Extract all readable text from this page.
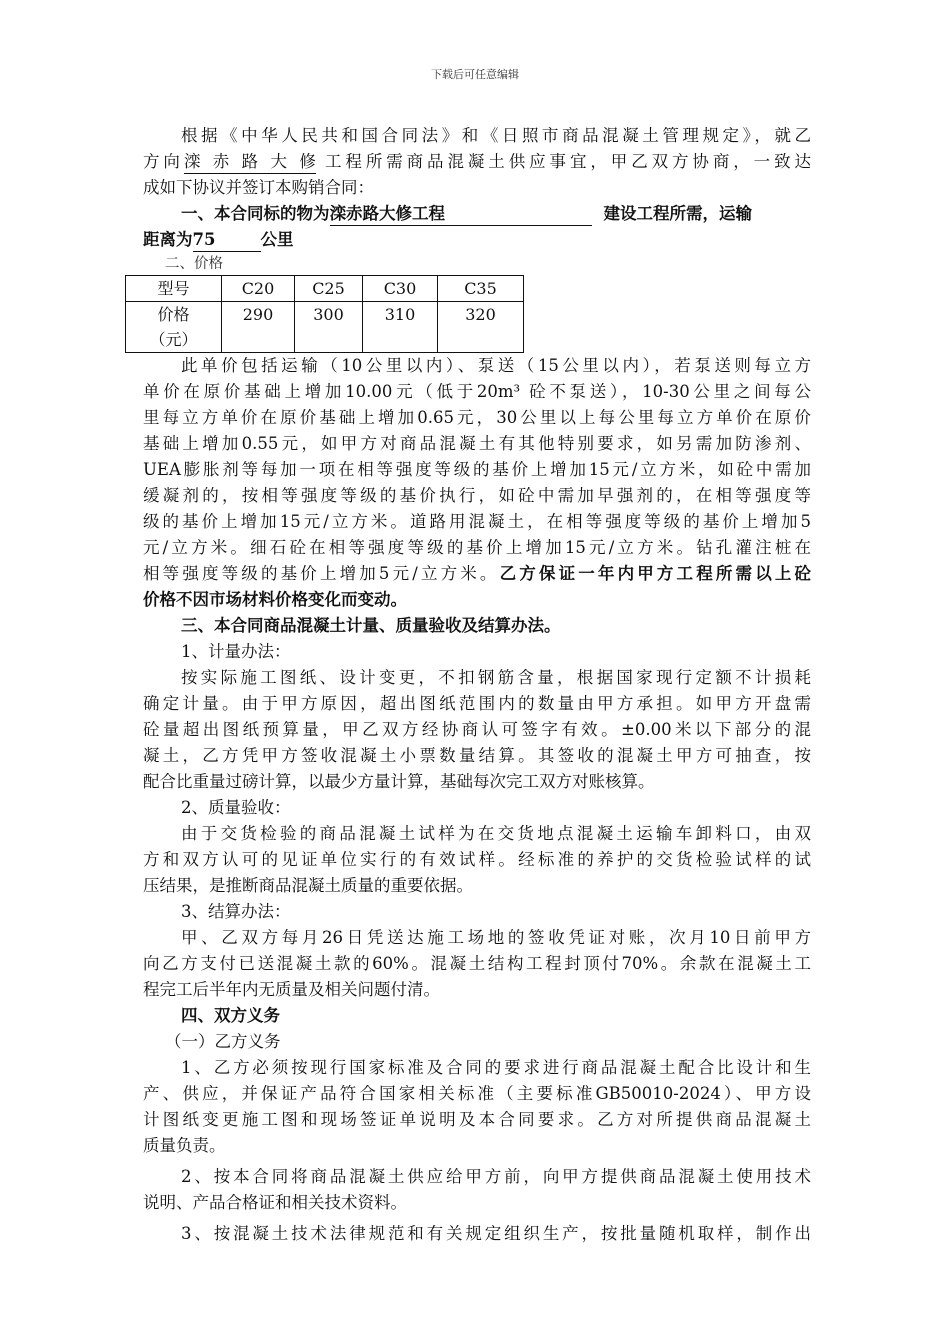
下载后可任意编辑
根据《中华人民共和国合同法》和《日照市商品混凝土管理规定》，就乙
方向滦赤路大修 工程所需商品混凝土供应事宜，甲乙双方协商，一致达
成如下协议并签订本购销合同：
一、本合同标的物为滦赤路大修工程	建设工程所需，运输
距离为75	公里
二、价格
型号	C20	C25	C30	C35

价格
（元）	290	300	310	320
此单价包括运输（10公里以内）、泵送（15公里以内），若泵送则每立方
单价在原价基础上增加10.00元（低于20m³ 砼不泵送），10-30公里之间每公
里每立方单价在原价基础上增加0.65元，30公里以上每公里每立方单价在原价
基础上增加0.55元，如甲方对商品混凝土有其他特别要求，如另需加防渗剂、
UEA膨胀剂等每加一项在相等强度等级的基价上增加15元/立方米，如砼中需加
缓凝剂的，按相等强度等级的基价执行，如砼中需加早强剂的，在相等强度等
级的基价上增加15元/立方米。道路用混凝土，在相等强度等级的基价上增加5
元/立方米。细石砼在相等强度等级的基价上增加15元/立方米。钻孔灌注桩在
相等强度等级的基价上增加5元/立方米。乙方保证一年内甲方工程所需以上砼
价格不因市场材料价格变化而变动。
三、本合同商品混凝土计量、质量验收及结算办法。
1、计量办法：
按实际施工图纸、设计变更，不扣钢筋含量，根据国家现行定额不计损耗
确定计量。由于甲方原因，超出图纸范围内的数量由甲方承担。如甲方开盘需
砼量超出图纸预算量，甲乙双方经协商认可签字有效。±0.00米以下部分的混
凝土，乙方凭甲方签收混凝土小票数量结算。其签收的混凝土甲方可抽查，按
配合比重量过磅计算，以最少方量计算，基础每次完工双方对账核算。
2、质量验收：
由于交货检验的商品混凝土试样为在交货地点混凝土运输车卸料口，由双
方和双方认可的见证单位实行的有效试样。经标准的养护的交货检验试样的试
压结果，是推断商品混凝土质量的重要依据。
3、结算办法：
甲、乙双方每月26日凭送达施工场地的签收凭证对账，次月10日前甲方
向乙方支付已送混凝土款的60%。混凝土结构工程封顶付70%。余款在混凝土工
程完工后半年内无质量及相关问题付清。
四、双方义务
（一）乙方义务
1、乙方必须按现行国家标准及合同的要求进行商品混凝土配合比设计和生
产、供应，并保证产品符合国家相关标准（主要标准GB50010-2024）、甲方设
计图纸变更施工图和现场签证单说明及本合同要求。乙方对所提供商品混凝土
质量负责。
2、按本合同将商品混凝土供应给甲方前，向甲方提供商品混凝土使用技术
说明、产品合格证和相关技术资料。
3、按混凝土技术法律规范和有关规定组织生产，按批量随机取样，制作出
